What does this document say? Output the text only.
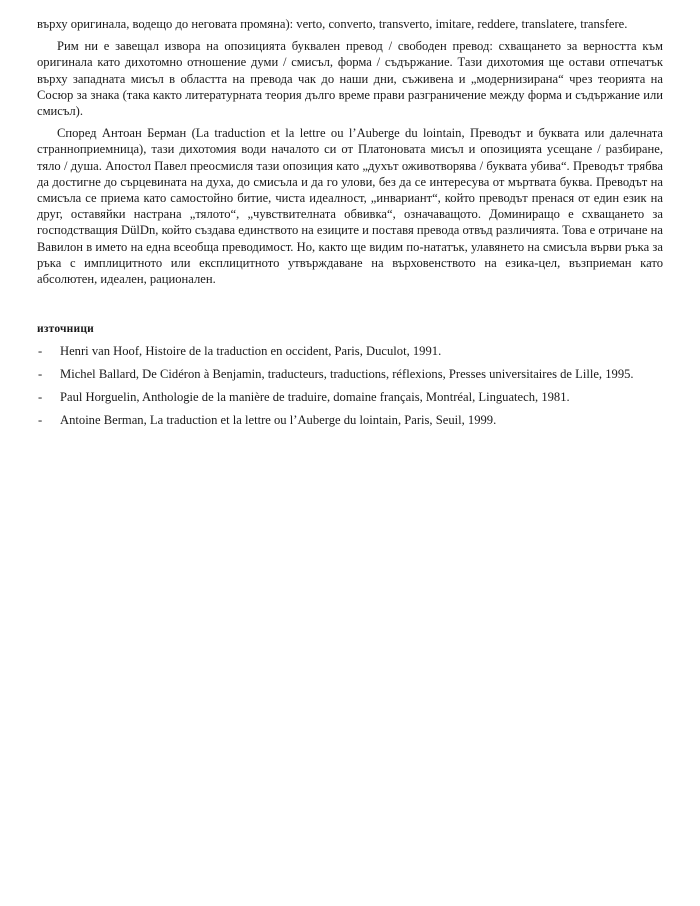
върху оригинала, водещо до неговата промяна): verto, converto, transverto, imitare, reddere, translatere, transfere.

Рим ни е завещал извора на опозицията буквален превод / свободен превод: схващането за верността към оригинала като дихотомно отношение думи / смисъл, форма / съдържание. Тази дихотомия ще остави отпечатък върху западната мисъл в областта на превода чак до наши дни, съживена и „модернизирана“ чрез теорията на Сосюр за знака (така както литературната теория дълго време прави разграничение между форма и съдържание или смисъл).

Според Антоан Берман (La traduction et la lettre ou l’Auberge du lointain, Преводът и буквата или далечната странноприемница), тази дихотомия води началото си от Платоновата мисъл и опозицията усещане / разбиране, тяло / душа. Апостол Павел преосмисля тази опозиция като „духът оживотворява / буквата убива“. Преводът трябва да достигне до сърцевината на духа, до смисъла и да го улови, без да се интересува от мъртвата буква. Преводът на смисъла се приема като самостойно битие, чиста идеалност, „инвариант“, който преводът пренася от един език на друг, оставяйки настрана „тялото“, „чувствителната обвивка“, означаващото. Доминиращо е схващането за господстващия DülDn, който създава единството на езиците и поставя превода отвъд различията. Това е отричане на Вавилон в името на една всеобща преводимост. Но, както ще видим по-нататък, улавянето на смисъла върви ръка за ръка с имплицитното или експлицитното утвърждаване на върховенството на езика-цел, възприеман като абсолютен, идеален, рационален.

източници
-	Henri van Hoof, Histoire de la traduction en occident, Paris, Duculot, 1991.
-	Michel Ballard, De Cidéron à Benjamin, traducteurs, traductions, réflexions, Presses universitaires de Lille, 1995.
-	Paul Horguelin, Anthologie de la manière de traduire, domaine français, Montréal, Linguatech, 1981.
-	Antoine Berman, La traduction et la lettre ou l’Auberge du lointain, Paris, Seuil, 1999.
